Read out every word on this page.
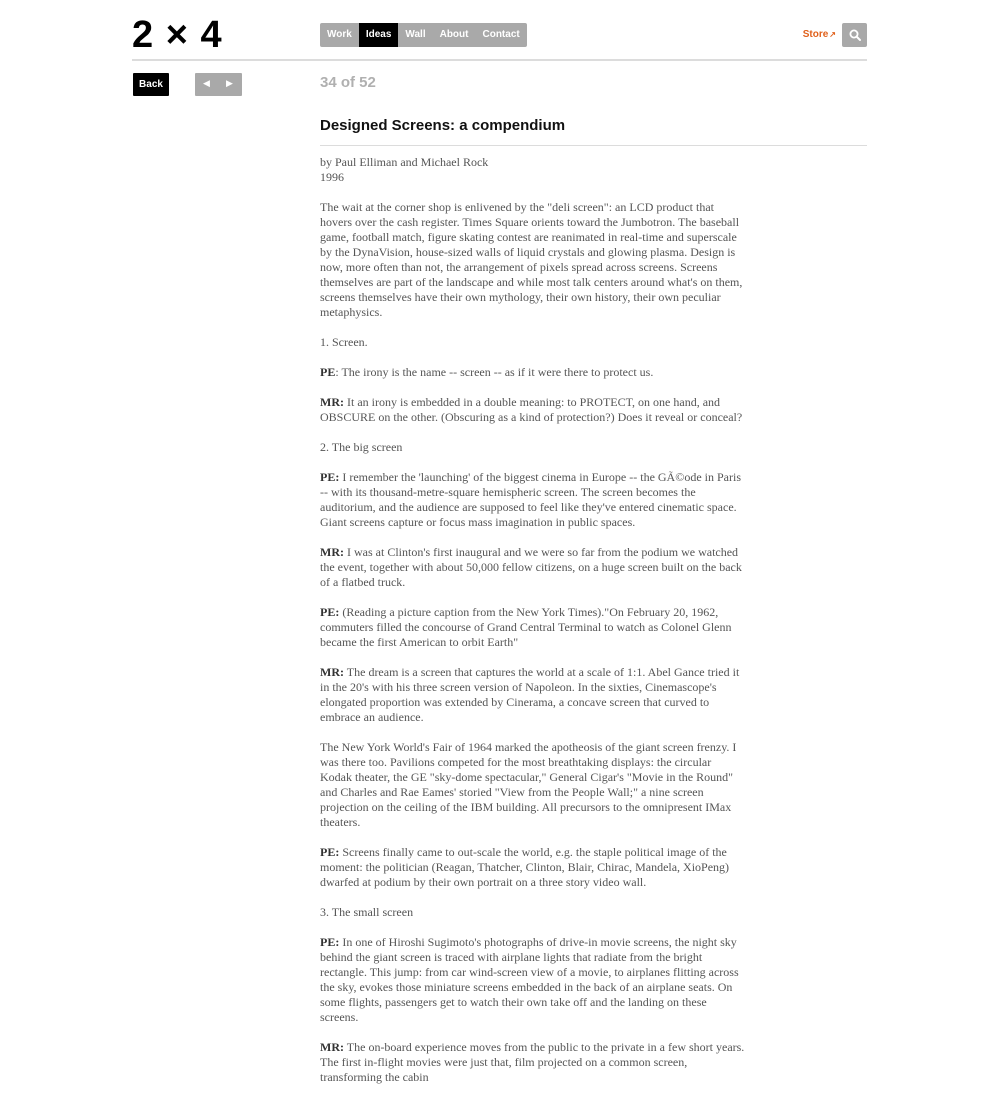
2 × 4	Work	Ideas	Wall	About	Contact	Store↗
Back	◀	▶	34 of 52
Designed Screens: a compendium

by Paul Elliman and Michael Rock
1996

The wait at the corner shop is enlivened by the "deli screen": an LCD product that hovers over the cash register. Times Square orients toward the Jumbotron. The baseball game, football match, figure skating contest are reanimated in real-time and superscale by the DynaVision, house-sized walls of liquid crystals and glowing plasma. Design is now, more often than not, the arrangement of pixels spread across screens. Screens themselves are part of the landscape and while most talk centers around what's on them, screens themselves have their own mythology, their own history, their own peculiar metaphysics.

1. Screen.

PE: The irony is the name -- screen -- as if it were there to protect us.

MR: It an irony is embedded in a double meaning: to PROTECT, on one hand, and OBSCURE on the other. (Obscuring as a kind of protection?) Does it reveal or conceal?

2. The big screen

PE: I remember the 'launching' of the biggest cinema in Europe -- the GÃ©ode in Paris -- with its thousand-metre-square hemispheric screen. The screen becomes the auditorium, and the audience are supposed to feel like they've entered cinematic space. Giant screens capture or focus mass imagination in public spaces.

MR: I was at Clinton's first inaugural and we were so far from the podium we watched the event, together with about 50,000 fellow citizens, on a huge screen built on the back of a flatbed truck.

PE: (Reading a picture caption from the New York Times)."On February 20, 1962, commuters filled the concourse of Grand Central Terminal to watch as Colonel Glenn became the first American to orbit Earth"

MR: The dream is a screen that captures the world at a scale of 1:1. Abel Gance tried it in the 20's with his three screen version of Napoleon. In the sixties, Cinemascope's elongated proportion was extended by Cinerama, a concave screen that curved to embrace an audience.

The New York World's Fair of 1964 marked the apotheosis of the giant screen frenzy. I was there too. Pavilions competed for the most breathtaking displays: the circular Kodak theater, the GE "sky-dome spectacular," General Cigar's "Movie in the Round" and Charles and Rae Eames' storied "View from the People Wall;" a nine screen projection on the ceiling of the IBM building. All precursors to the omnipresent IMax theaters.

PE: Screens finally came to out-scale the world, e.g. the staple political image of the moment: the politician (Reagan, Thatcher, Clinton, Blair, Chirac, Mandela, XioPeng) dwarfed at podium by their own portrait on a three story video wall.

3. The small screen

PE: In one of Hiroshi Sugimoto's photographs of drive-in movie screens, the night sky behind the giant screen is traced with airplane lights that radiate from the bright rectangle. This jump: from car wind-screen view of a movie, to airplanes flitting across the sky, evokes those miniature screens embedded in the back of an airplane seats. On some flights, passengers get to watch their own take off and the landing on these screens.

MR: The on-board experience moves from the public to the private in a few short years. The first in-flight movies were just that, film projected on a common screen, transforming the cabin
